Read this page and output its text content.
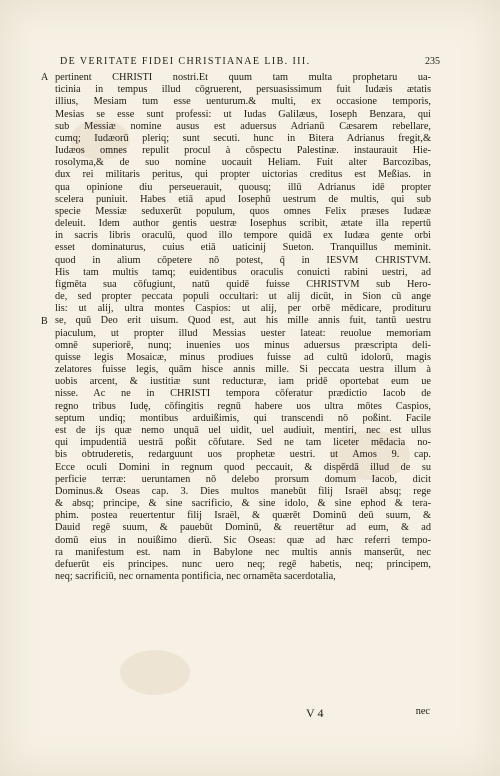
DE VERITATE FIDEI CHRISTIANAE LIB. III.	235
pertinent CHRISTI nostri.Et quum tam multa prophetaru ua-
ticinia in tempus illud cōgruerent, persuasissimum fuit Iudæis ætatis
illius, Mesiam tum esse uenturum.& multi, ex occasione temporis,
Mesias se esse sunt professi: ut Iudas Galilæus, Ioseph Benzara, qui
sub Messiæ nomine ausus est aduersus Adrianū Cæsarem rebellare,
cumq; Iudæorū pleriq; sunt secuti. hunc in Bitera Adrianus fregit,&
Iudæos omnes repulit procul à cōspectu Palestinæ. instaurauit Hie-
rosolyma,& de suo nomine uocauit Heliam. Fuit alter Barcozibas,
dux rei militaris peritus, qui propter uictorias creditus est Meßias. in
qua opinione diu perseuerauit, quousq; illū Adrianus idē propter
scelera puniuit. Habes etiā apud Iosephū uestrum de multis, qui sub
specie Messiæ seduxerūt populum, quos omnes Felix præses Iudææ
deleuit. Idem author gentis uestræ Iosephus scribit, ætate illa repertū
in sacris libris oraculū, quod illo tempore quidā ex Iudæa gente orbi
esset dominaturus, cuius etiā uaticinij Sueton. Tranquillus meminit.
quod in alium cōpetere nō potest, q̄ in IESVM CHRISTVM.
His tam multis tamq; euidentibus oraculis conuicti rabini uestri, ad
figmēta sua cōfugiunt, natū quidē fuisse CHRISTVM sub Hero-
de, sed propter peccata populi occultari: ut alij dicūt, in Sion cū ange
lis: ut alij, ultra montes Caspios: ut alij, per orbē mēdicare, prodituru
se, quū Deo erit uisum. Quod est, aut his mille annis fuit, tantū uestru
piaculum, ut propter illud Messias uester lateat: reuolue memoriam
omnē superiorē, nunq; inuenies uos minus aduersus præscripta deli-
quisse legis Mosaicæ, minus prodiues fuisse ad cultū idolorū, magis
zelatores fuisse legis, quām hisce annis mille. Si peccata uestra illum à
uobis arcent, & iustitiæ sunt reducturæ, iam pridē oportebat eum ue
nisse. Ac ne in CHRISTI tempora cōferatur prædictio Iacob de
regno tribus Iudę, cōfingitis regnū habere uos ultra mōtes Caspios,
septum undiq; montibus arduißimis, qui transcendi nō poßint. Facile
est de ijs quæ nemo unquā uel uidit, uel audiuit, mentiri, nec est ullus
qui impudentiā uestrā poßit cōfutare. Sed ne tam liceter mēdacia no-
bis obtruderetis, redarguunt uos prophetæ uestri. ut Amos 9. cap.
Ecce oculi Domini in regnum quod peccauit, & dispērdā illud de su
perficie terræ: ueruntamen nō delebo prorsum domum Iacob, dicit
Dominus.& Oseas cap. 3. Dies multos manebūt filij Israël absq; rege
& absq; principe, & sine sacrificio, & sine idolo, & sine ephod & tera-
phim. postea reuertentur filij Israël, & quærēt Dominū deū suum, &
Dauid regē suum, & pauebūt Dominū, & reuertētur ad eum, & ad
domū eius in nouißimo dierū. Sic Oseas: quæ ad hæc referri tempo-
ra manifestum est. nam in Babylone nec multis annis manserūt, nec
defuerūt eis principes. nunc uero neq; regē habetis, neq; principem,
neq; sacrificiū, nec ornamenta pontificia, nec ornamēta sacerdotalia,
A
B
V 4	nec
